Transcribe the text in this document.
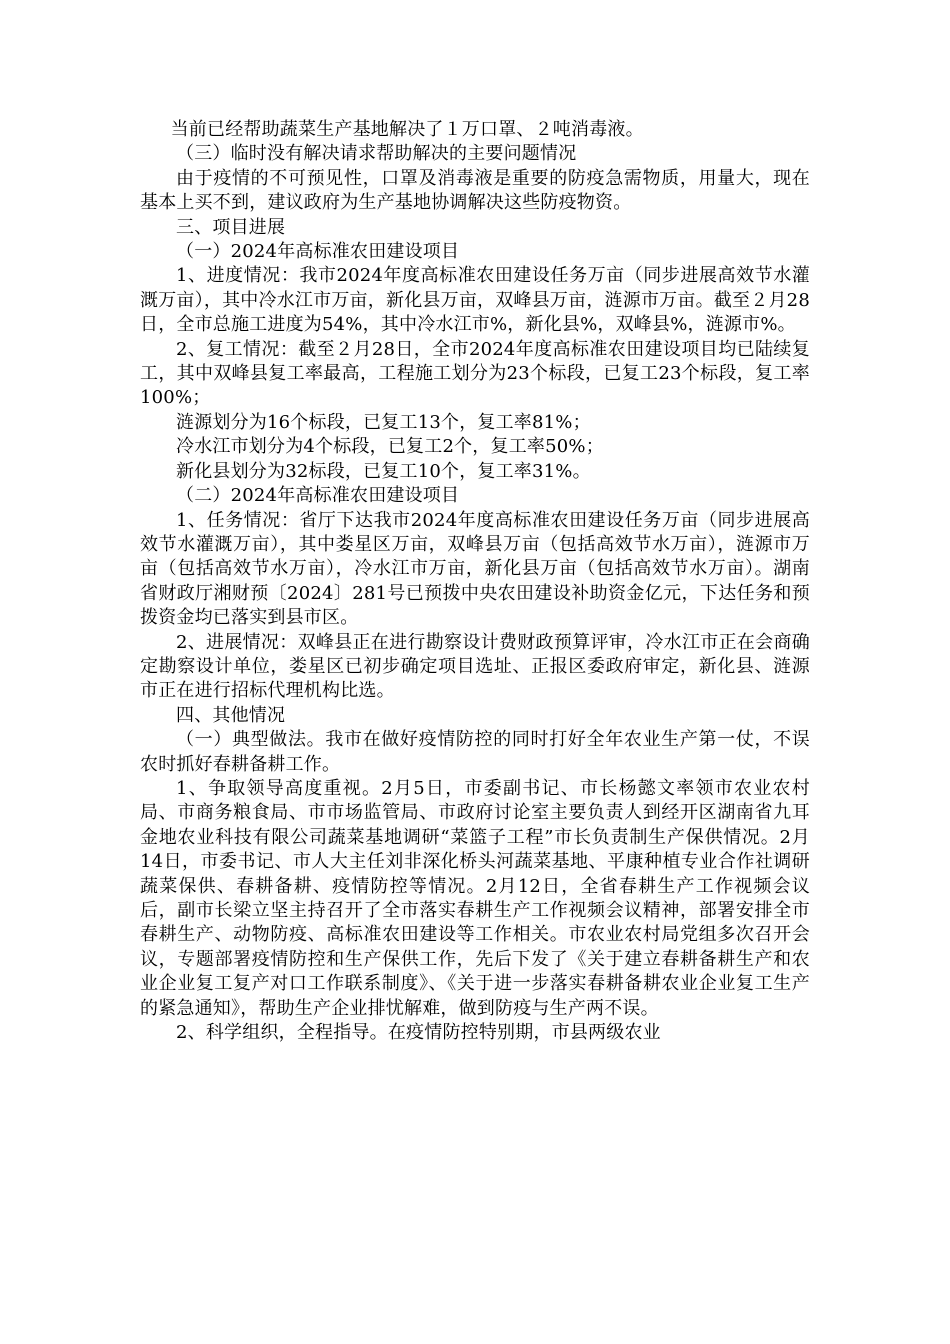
当前已经帮助蔬菜生产基地解决了１万口罩、２吨消毒液。

（三）临时没有解决请求帮助解决的主要问题情况

由于疫情的不可预见性，口罩及消毒液是重要的防疫急需物质，用量大，现在基本上买不到，建议政府为生产基地协调解决这些防疫物资。

三、项目进展

（一）2024年高标准农田建设项目

1、进度情况：我市2024年度高标准农田建设任务万亩（同步进展高效节水灌溉万亩），其中冷水江市万亩，新化县万亩，双峰县万亩，涟源市万亩。截至２月28日，全市总施工进度为54%，其中冷水江市%，新化县%，双峰县%，涟源市%。

2、复工情况：截至２月28日，全市2024年度高标准农田建设项目均已陆续复工，其中双峰县复工率最高，工程施工划分为23个标段，已复工23个标段，复工率100%；

涟源划分为16个标段，已复工13个，复工率81%；

冷水江市划分为4个标段，已复工2个，复工率50%；

新化县划分为32标段，已复工10个，复工率31%。

（二）2024年高标准农田建设项目

1、任务情况：省厅下达我市2024年度高标准农田建设任务万亩（同步进展高效节水灌溉万亩），其中娄星区万亩，双峰县万亩（包括高效节水万亩），涟源市万亩（包括高效节水万亩），冷水江市万亩，新化县万亩（包括高效节水万亩）。湖南省财政厅湘财预〔2024〕281号已预拨中央农田建设补助资金亿元，下达任务和预拨资金均已落实到县市区。

2、进展情况：双峰县正在进行勘察设计费财政预算评审，冷水江市正在会商确定勘察设计单位，娄星区已初步确定项目选址、正报区委政府审定，新化县、涟源市正在进行招标代理机构比选。

四、其他情况

（一）典型做法。我市在做好疫情防控的同时打好全年农业生产第一仗，不误农时抓好春耕备耕工作。

1、争取领导高度重视。2月5日，市委副书记、市长杨懿文率领市农业农村局、市商务粮食局、市市场监管局、市政府讨论室主要负责人到经开区湖南省九耳金地农业科技有限公司蔬菜基地调研“菜篮子工程”市长负责制生产保供情况。2月14日，市委书记、市人大主任刘非深化桥头河蔬菜基地、平康种植专业合作社调研蔬菜保供、春耕备耕、疫情防控等情况。2月12日，全省春耕生产工作视频会议后，副市长梁立坚主持召开了全市落实春耕生产工作视频会议精神，部署安排全市春耕生产、动物防疫、高标准农田建设等工作相关。市农业农村局党组多次召开会议，专题部署疫情防控和生产保供工作，先后下发了《关于建立春耕备耕生产和农业企业复工复产对口工作联系制度》、《关于进一步落实春耕备耕农业企业复工生产的紧急通知》，帮助生产企业排忧解难，做到防疫与生产两不误。

2、科学组织，全程指导。在疫情防控特别期，市县两级农业
